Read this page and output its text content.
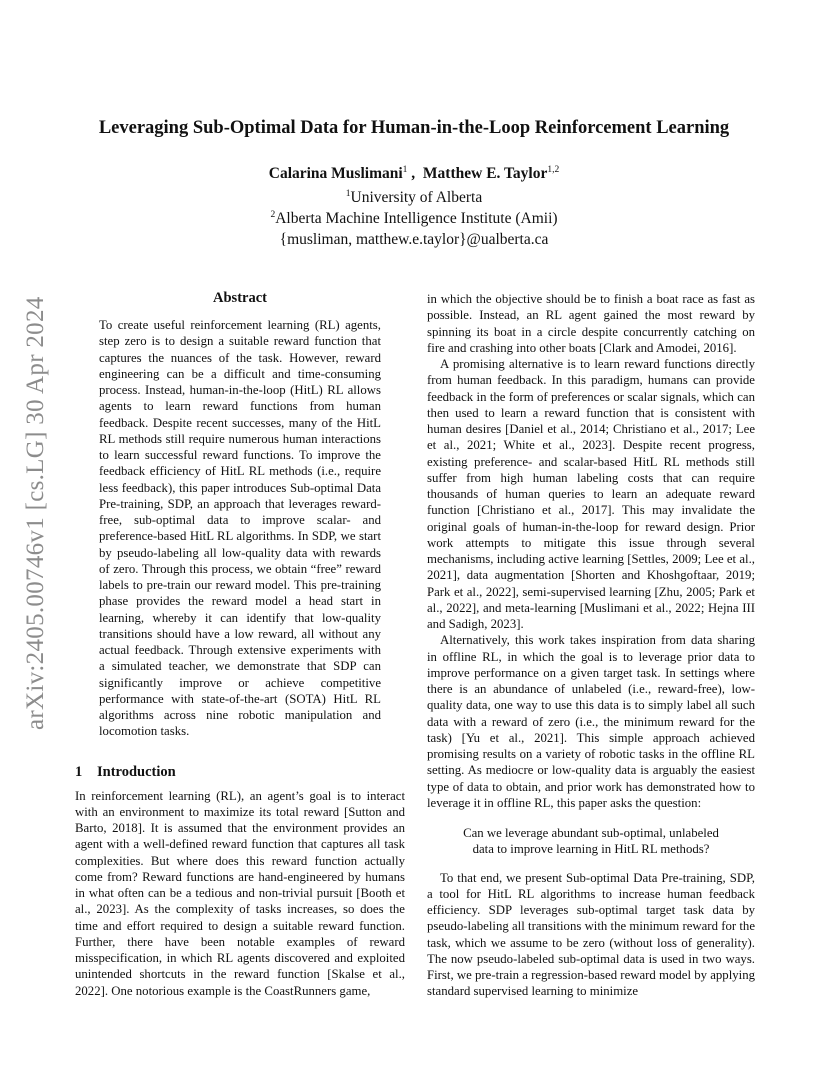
arXiv:2405.00746v1 [cs.LG] 30 Apr 2024
Leveraging Sub-Optimal Data for Human-in-the-Loop Reinforcement Learning
Calarina Muslimani$^1$ ,  Matthew E. Taylor$^{1,2}$
$^1$University of Alberta
$^2$Alberta Machine Intelligence Institute (Amii)
{musliman, matthew.e.taylor}@ualberta.ca
Abstract

To create useful reinforcement learning (RL) agents, step zero is to design a suitable reward function that captures the nuances of the task. However, reward engineering can be a difficult and time-consuming process. Instead, human-in-the-loop (HitL) RL allows agents to learn reward functions from human feedback. Despite recent successes, many of the HitL RL methods still require numerous human interactions to learn successful reward functions. To improve the feedback efficiency of HitL RL methods (i.e., require less feedback), this paper introduces Sub-optimal Data Pre-training, SDP, an approach that leverages reward-free, sub-optimal data to improve scalar- and preference-based HitL RL algorithms. In SDP, we start by pseudo-labeling all low-quality data with rewards of zero. Through this process, we obtain “free” reward labels to pre-train our reward model. This pre-training phase provides the reward model a head start in learning, whereby it can identify that low-quality transitions should have a low reward, all without any actual feedback. Through extensive experiments with a simulated teacher, we demonstrate that SDP can significantly improve or achieve competitive performance with state-of-the-art (SOTA) HitL RL algorithms across nine robotic manipulation and locomotion tasks.

1 Introduction

In reinforcement learning (RL), an agent’s goal is to interact with an environment to maximize its total reward [Sutton and Barto, 2018]. It is assumed that the environment provides an agent with a well-defined reward function that captures all task complexities. But where does this reward function actually come from? Reward functions are hand-engineered by humans in what often can be a tedious and non-trivial pursuit [Booth et al., 2023]. As the complexity of tasks increases, so does the time and effort required to design a suitable reward function. Further, there have been notable examples of reward misspecification, in which RL agents discovered and exploited unintended shortcuts in the reward function [Skalse et al., 2022]. One notorious example is the CoastRunners game,

in which the objective should be to finish a boat race as fast as possible. Instead, an RL agent gained the most reward by spinning its boat in a circle despite concurrently catching on fire and crashing into other boats [Clark and Amodei, 2016].

A promising alternative is to learn reward functions directly from human feedback. In this paradigm, humans can provide feedback in the form of preferences or scalar signals, which can then used to learn a reward function that is consistent with human desires [Daniel et al., 2014; Christiano et al., 2017; Lee et al., 2021; White et al., 2023]. Despite recent progress, existing preference- and scalar-based HitL RL methods still suffer from high human labeling costs that can require thousands of human queries to learn an adequate reward function [Christiano et al., 2017]. This may invalidate the original goals of human-in-the-loop for reward design. Prior work attempts to mitigate this issue through several mechanisms, including active learning [Settles, 2009; Lee et al., 2021], data augmentation [Shorten and Khoshgoftaar, 2019; Park et al., 2022], semi-supervised learning [Zhu, 2005; Park et al., 2022], and meta-learning [Muslimani et al., 2022; Hejna III and Sadigh, 2023].

Alternatively, this work takes inspiration from data sharing in offline RL, in which the goal is to leverage prior data to improve performance on a given target task. In settings where there is an abundance of unlabeled (i.e., reward-free), low-quality data, one way to use this data is to simply label all such data with a reward of zero (i.e., the minimum reward for the task) [Yu et al., 2021]. This simple approach achieved promising results on a variety of robotic tasks in the offline RL setting. As mediocre or low-quality data is arguably the easiest type of data to obtain, and prior work has demonstrated how to leverage it in offline RL, this paper asks the question:

Can we leverage abundant sub-optimal, unlabeled data to improve learning in HitL RL methods?

To that end, we present Sub-optimal Data Pre-training, SDP, a tool for HitL RL algorithms to increase human feedback efficiency. SDP leverages sub-optimal target task data by pseudo-labeling all transitions with the minimum reward for the task, which we assume to be zero (without loss of generality). The now pseudo-labeled sub-optimal data is used in two ways. First, we pre-train a regression-based reward model by applying standard supervised learning to minimize
